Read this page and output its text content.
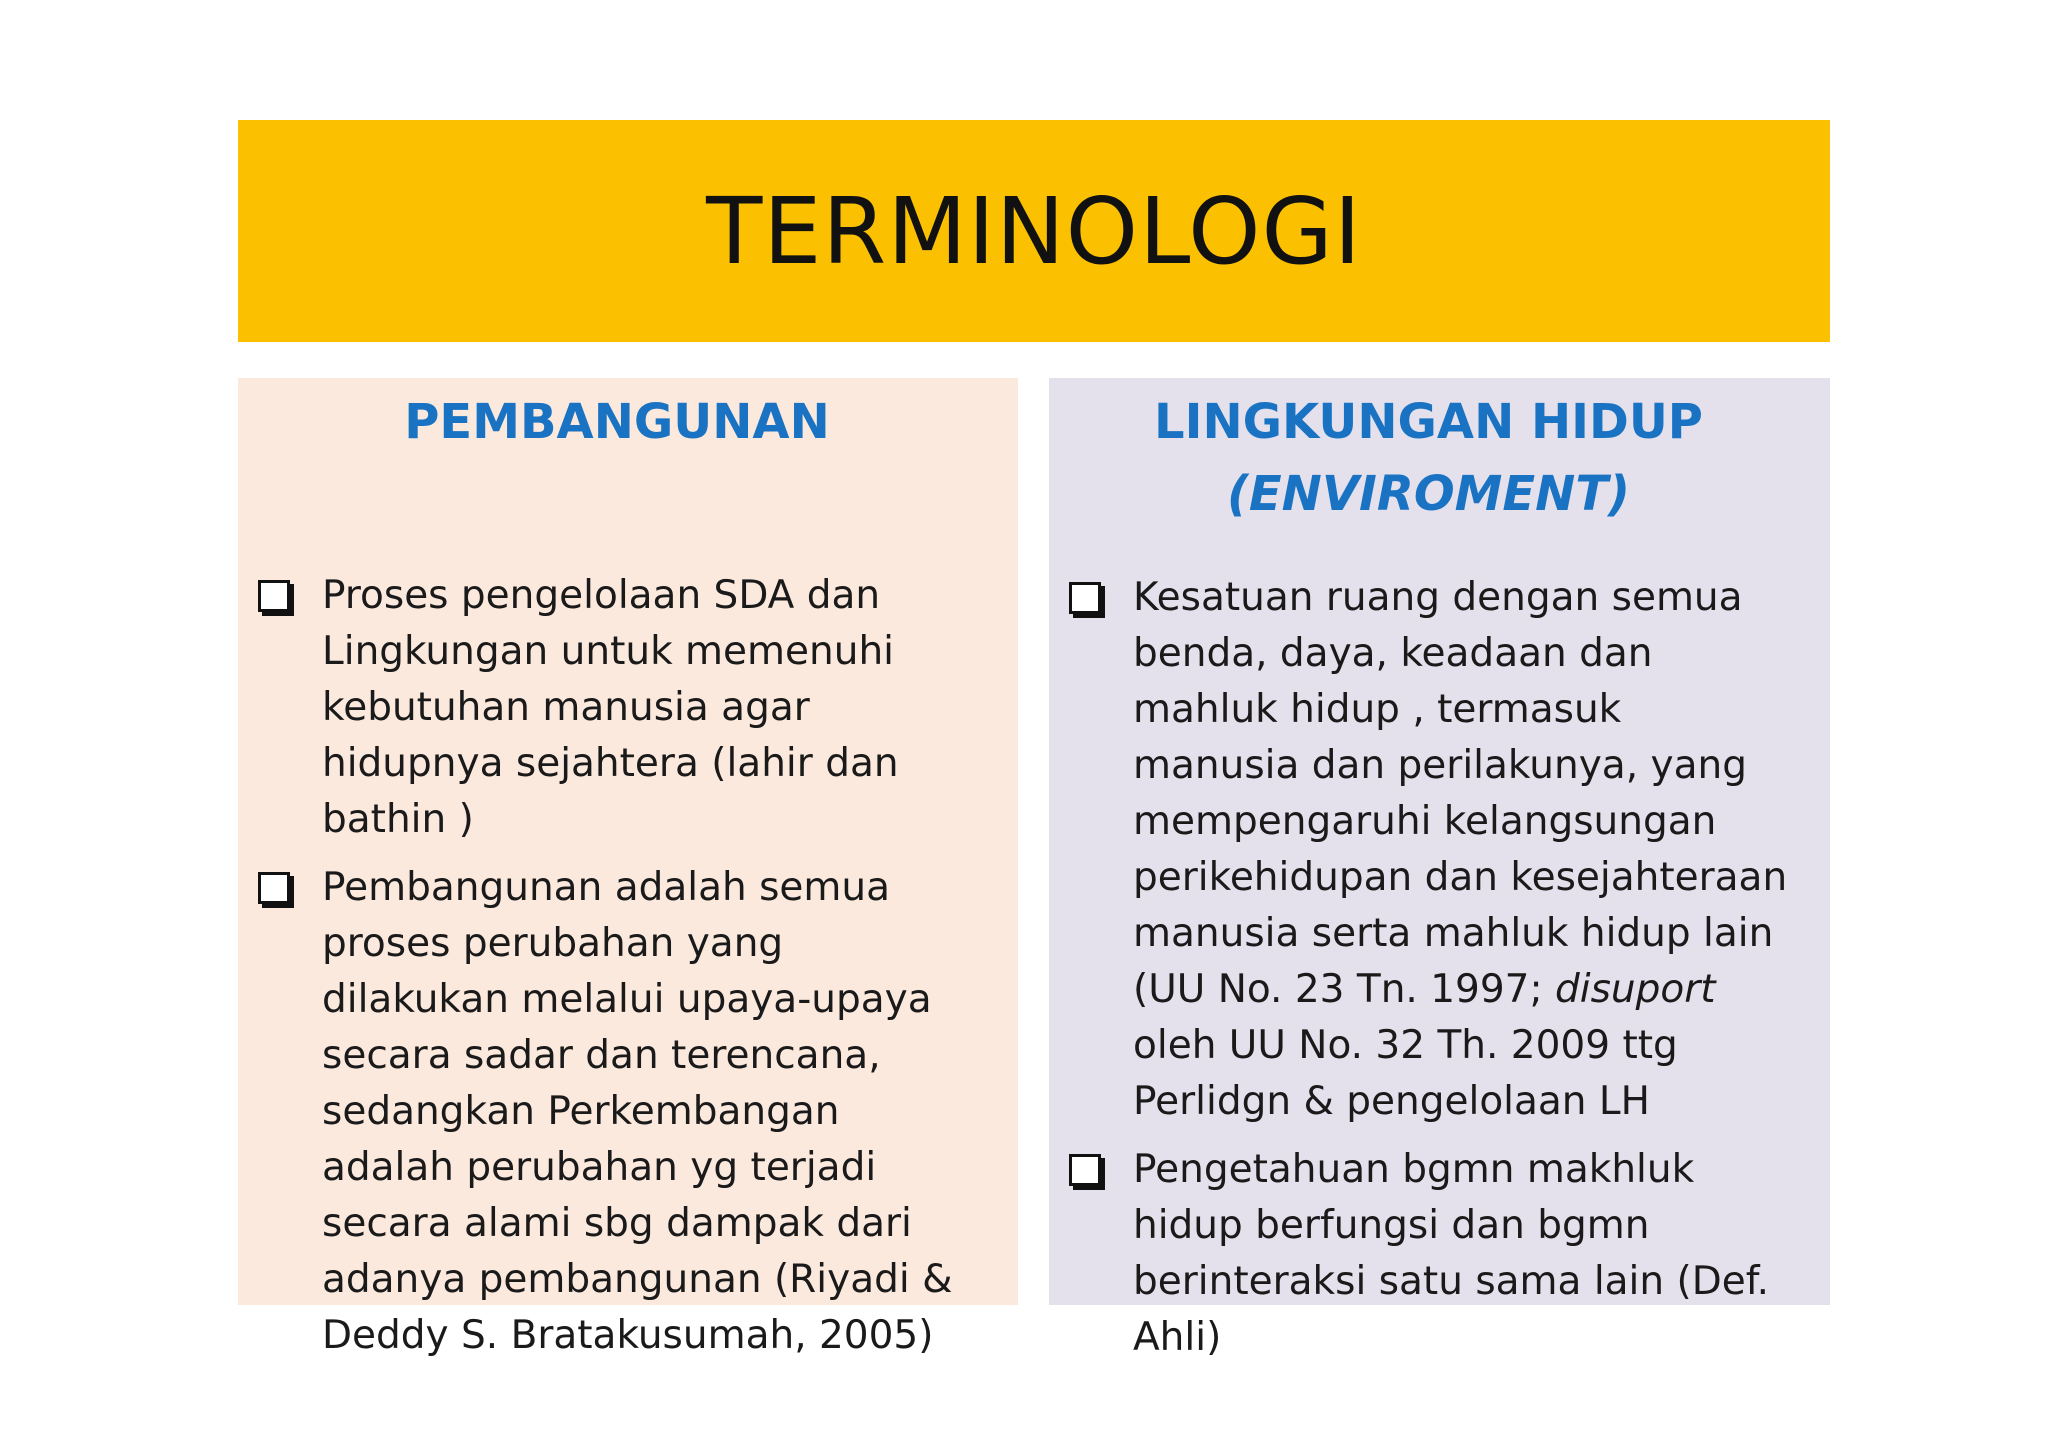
TERMINOLOGI
PEMBANGUNAN
Proses pengelolaan SDA dan Lingkungan untuk memenuhi kebutuhan manusia agar hidupnya sejahtera (lahir dan bathin )
Pembangunan adalah semua proses perubahan yang dilakukan melalui upaya-upaya secara sadar dan terencana, sedangkan Perkembangan adalah perubahan yg terjadi secara alami sbg dampak dari adanya pembangunan (Riyadi & Deddy S. Bratakusumah, 2005)
LINGKUNGAN HIDUP
(ENVIROMENT)
Kesatuan ruang dengan semua benda, daya, keadaan dan mahluk hidup , termasuk manusia dan perilakunya, yang mempengaruhi kelangsungan perikehidupan dan kesejahteraan manusia serta mahluk hidup lain (UU No. 23 Tn. 1997; disuport oleh UU No. 32 Th. 2009 ttg Perlidgn & pengelolaan LH
Pengetahuan bgmn makhluk hidup berfungsi dan bgmn berinteraksi satu sama lain (Def. Ahli)
